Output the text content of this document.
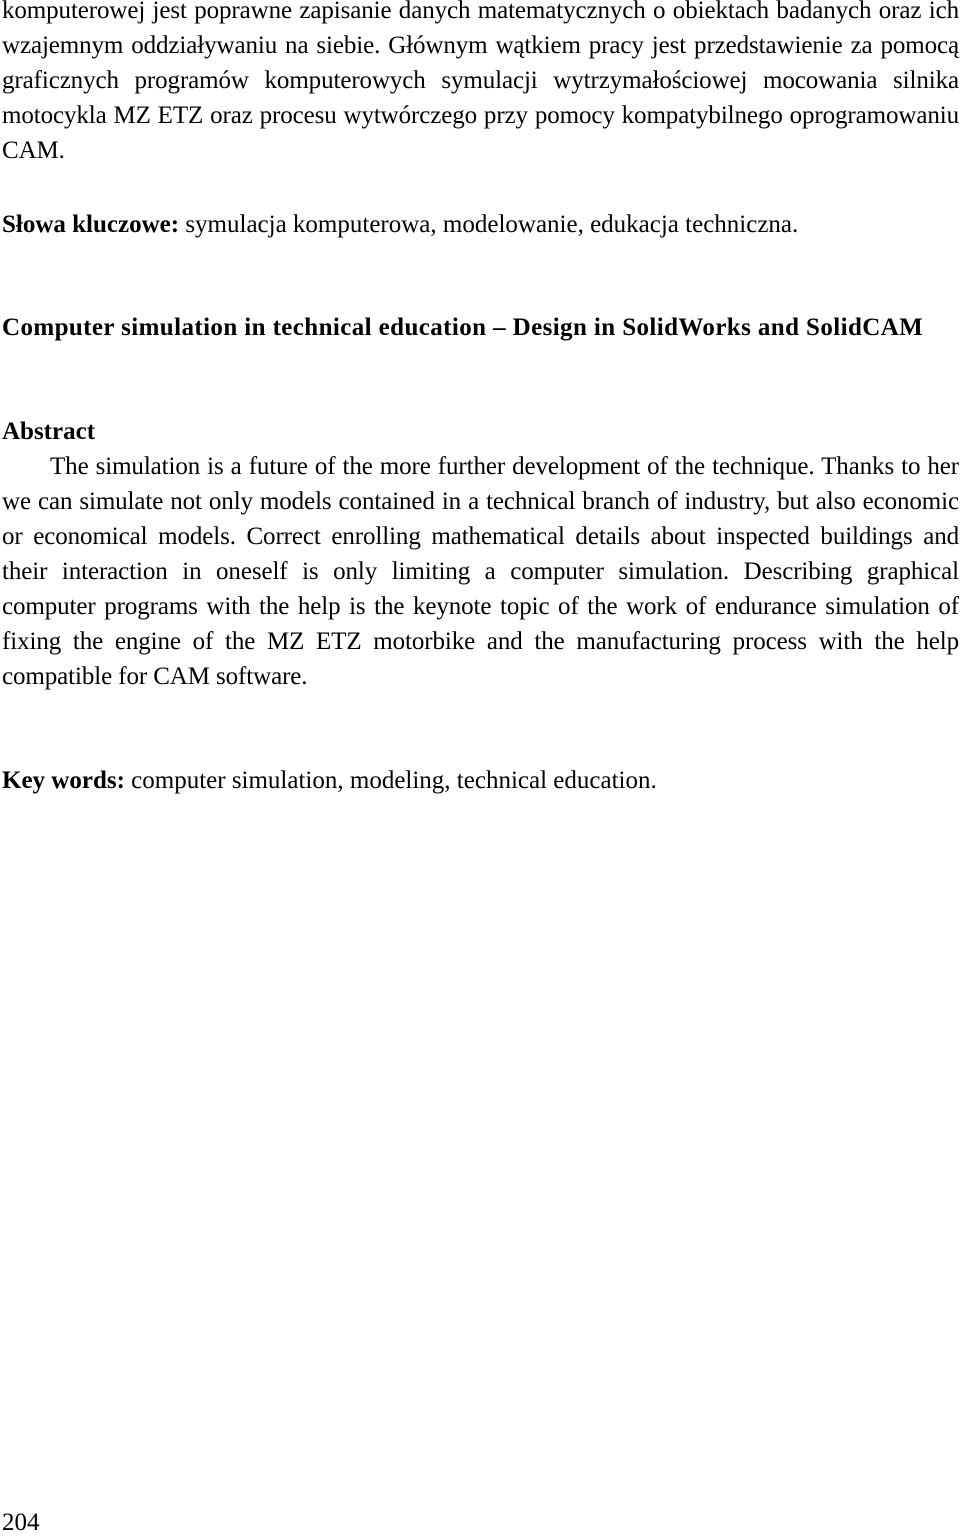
komputerowej jest poprawne zapisanie danych matematycznych o obiektach badanych oraz ich wzajemnym oddziaływaniu na siebie. Głównym wątkiem pracy jest przedstawienie za pomocą graficznych programów komputerowych symulacji wytrzymałościowej mocowania silnika motocykla MZ ETZ oraz procesu wytwórczego przy pomocy kompatybilnego oprogramowaniu CAM.

Słowa kluczowe: symulacja komputerowa, modelowanie, edukacja techniczna.
Computer simulation in technical education – Design in SolidWorks and SolidCAM
Abstract

The simulation is a future of the more further development of the technique. Thanks to her we can simulate not only models contained in a technical branch of industry, but also economic or economical models. Correct enrolling mathematical details about inspected buildings and their interaction in oneself is only limiting a computer simulation. Describing graphical computer programs with the help is the keynote topic of the work of endurance simulation of fixing the engine of the MZ ETZ motorbike and the manufacturing process with the help compatible for CAM software.

Key words: computer simulation, modeling, technical education.
204
